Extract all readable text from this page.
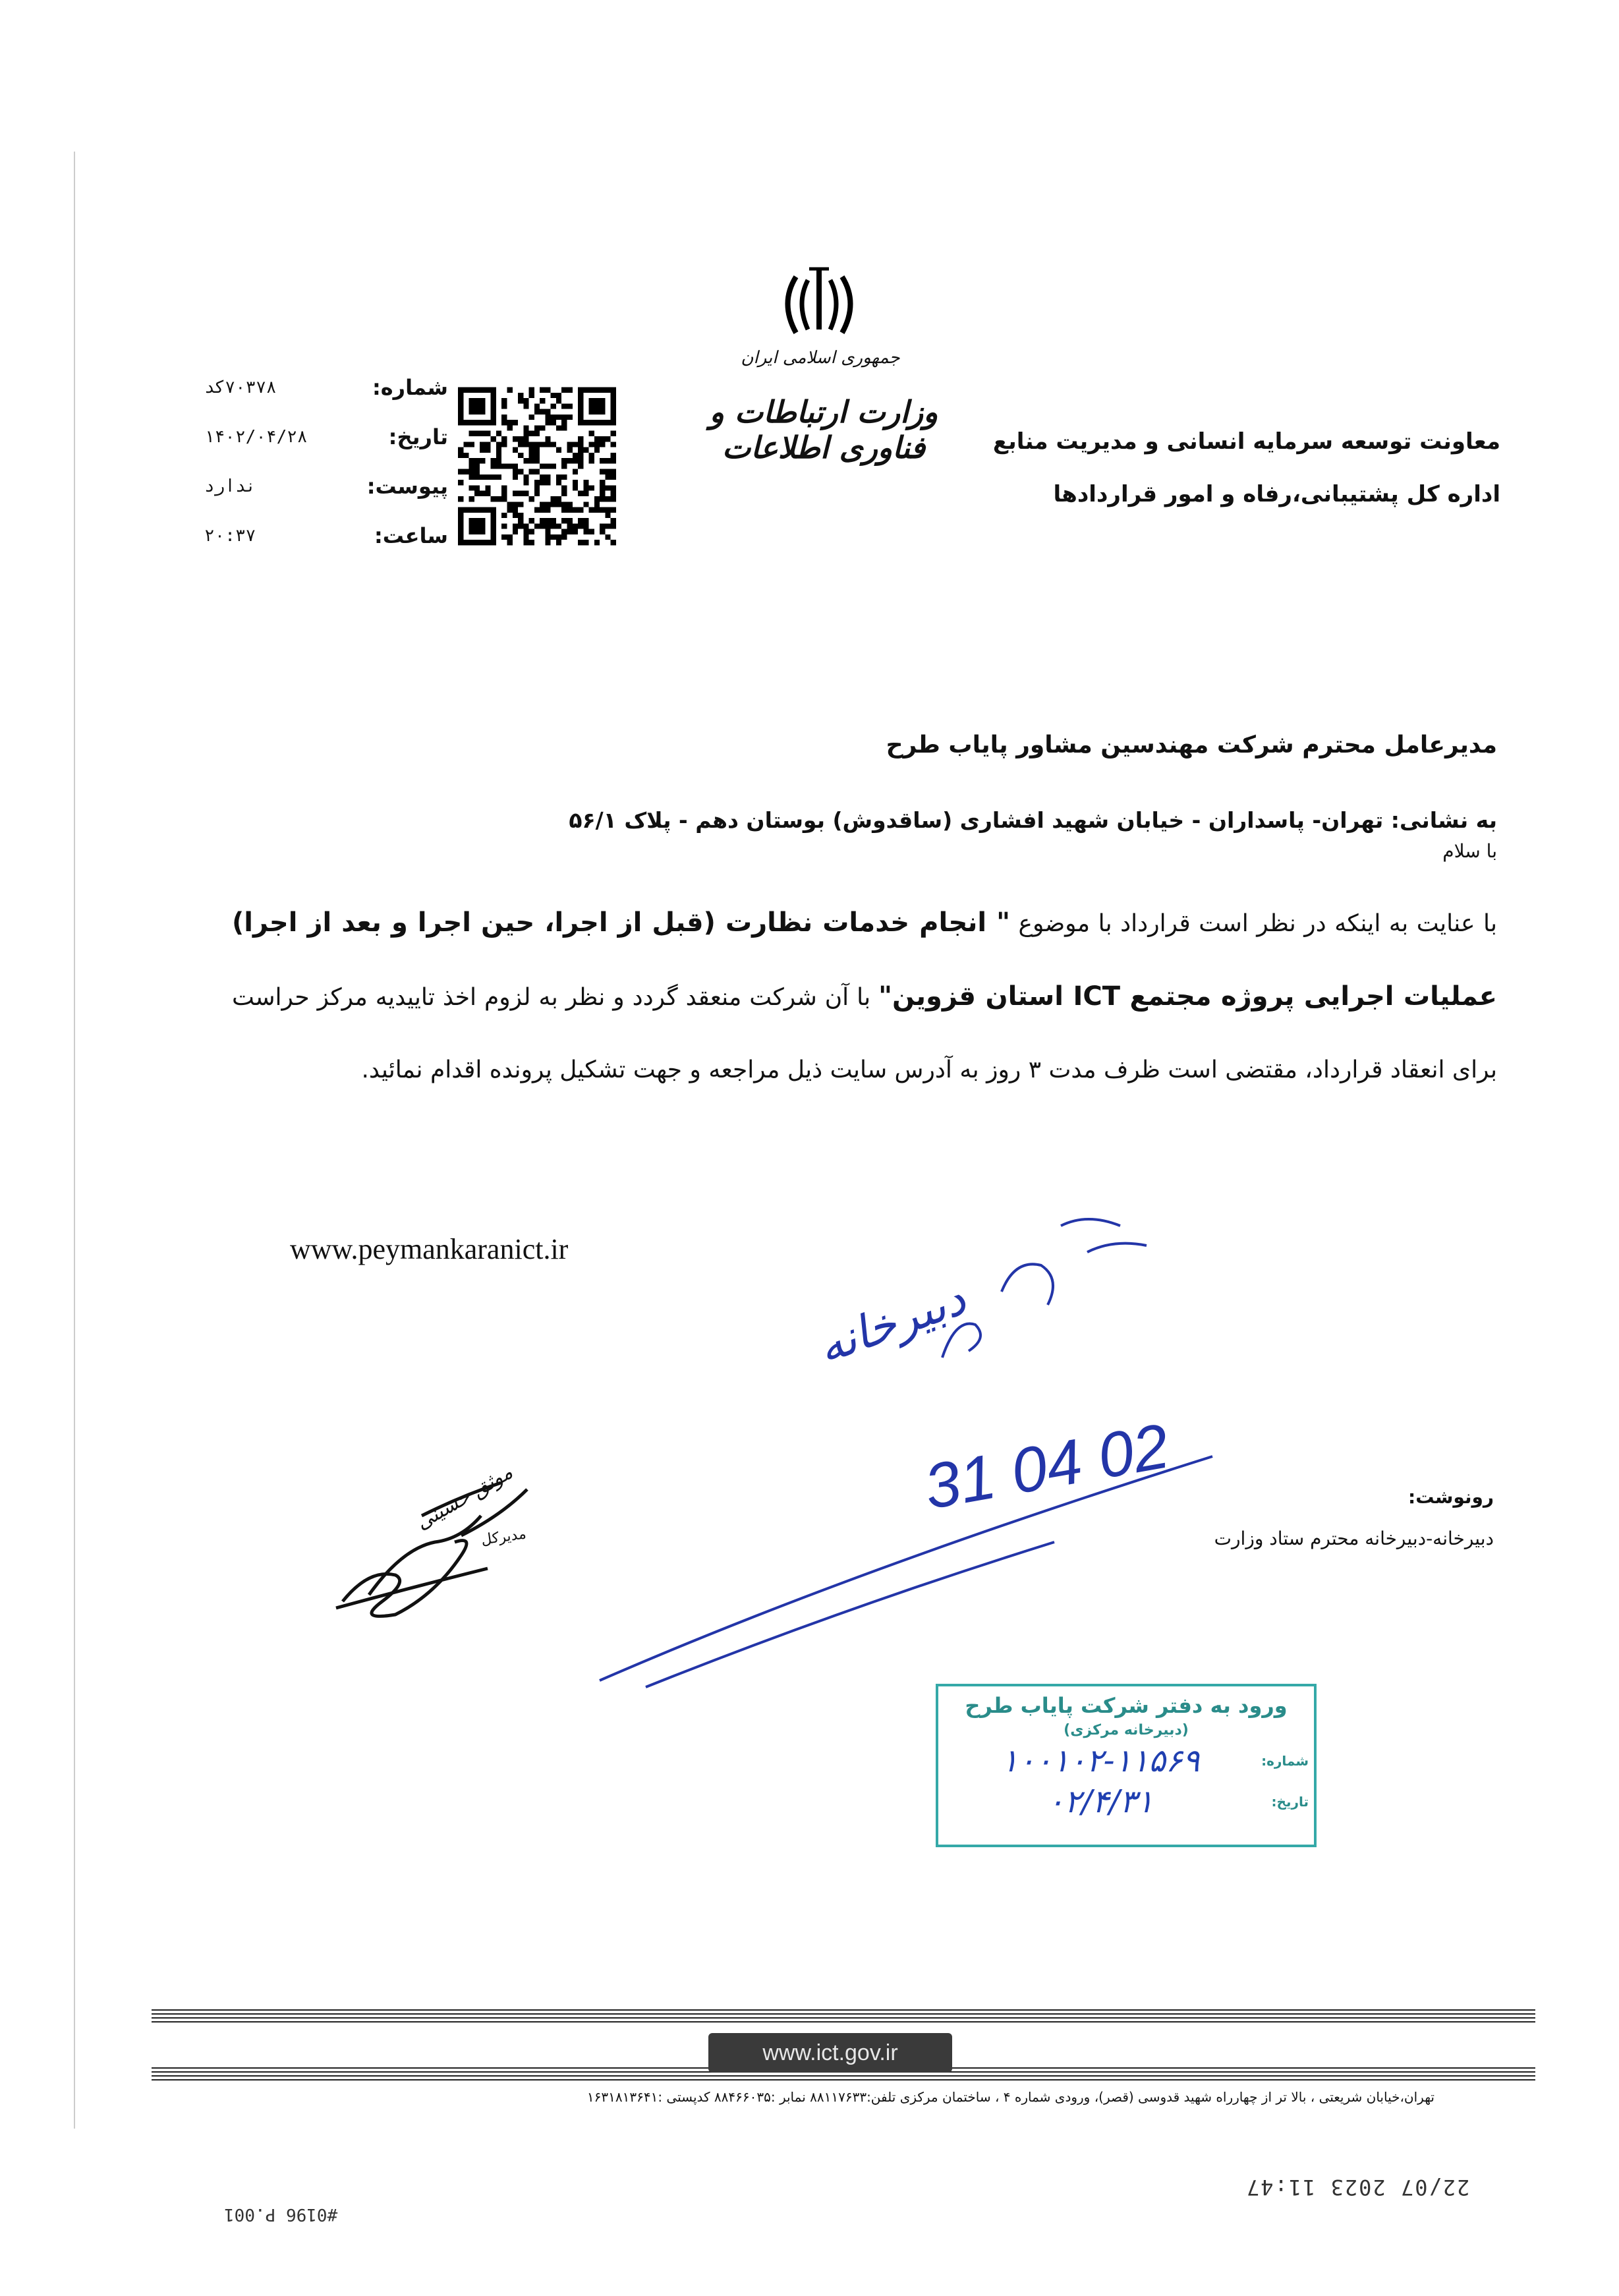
جمهوری اسلامی ایران
وزارت ارتباطات و فناوری اطلاعات	معاونت توسعه سرمایه انسانی و مدیریت منابع
اداره کل پشتیبانی،رفاه و امور قراردادها
شماره:
۷۰۳۷۸کد
تاریخ:
۱۴۰۲/۰۴/۲۸
پیوست:
ندارد
ساعت:
۲۰:۳۷
مدیرعامل محترم شرکت مهندسین مشاور پایاب طرح
به نشانی: تهران- پاسداران - خیابان شهید افشاری (ساقدوش) بوستان دهم - پلاک ۵۶/۱
با سلام
با عنایت به اینکه در نظر است قرارداد با موضوع " انجام خدمات نظارت (قبل از اجرا، حین اجرا و بعد از اجرا) عملیات اجرایی پروژه مجتمع ICT استان قزوین" با آن شرکت منعقد گردد و نظر به لزوم اخذ تاییدیه مرکز حراست برای انعقاد قرارداد، مقتضی است ظرف مدت ۳ روز به آدرس سایت ذیل مراجعه و جهت تشکیل پرونده اقدام نمائید.
www.peymankaranict.ir
رونوشت:
دبیرخانه-دبیرخانه محترم ستاد وزارت
موثق حسینی	31 04 02
دبیرخانه
مدیرکل
ورود به دفتر شرکت پایاب طرح
(دبیرخانه مرکزی)
شماره:
۱۰۰۱۰۲-۱۱۵۶۹
تاریخ:
۰۲/۴/۳۱
www.ict.gov.ir
تهران،خیابان شریعتی ، بالا تر از چهارراه شهید قدوسی (قصر)، ورودی شماره ۴ ، ساختمان مرکزی تلفن:۸۸۱۱۷۶۳۳ نمابر :۸۸۴۶۶۰۳۵ کدپستی :۱۶۳۱۸۱۳۶۴۱
22/07 2023 11:47
#0196 P.001
